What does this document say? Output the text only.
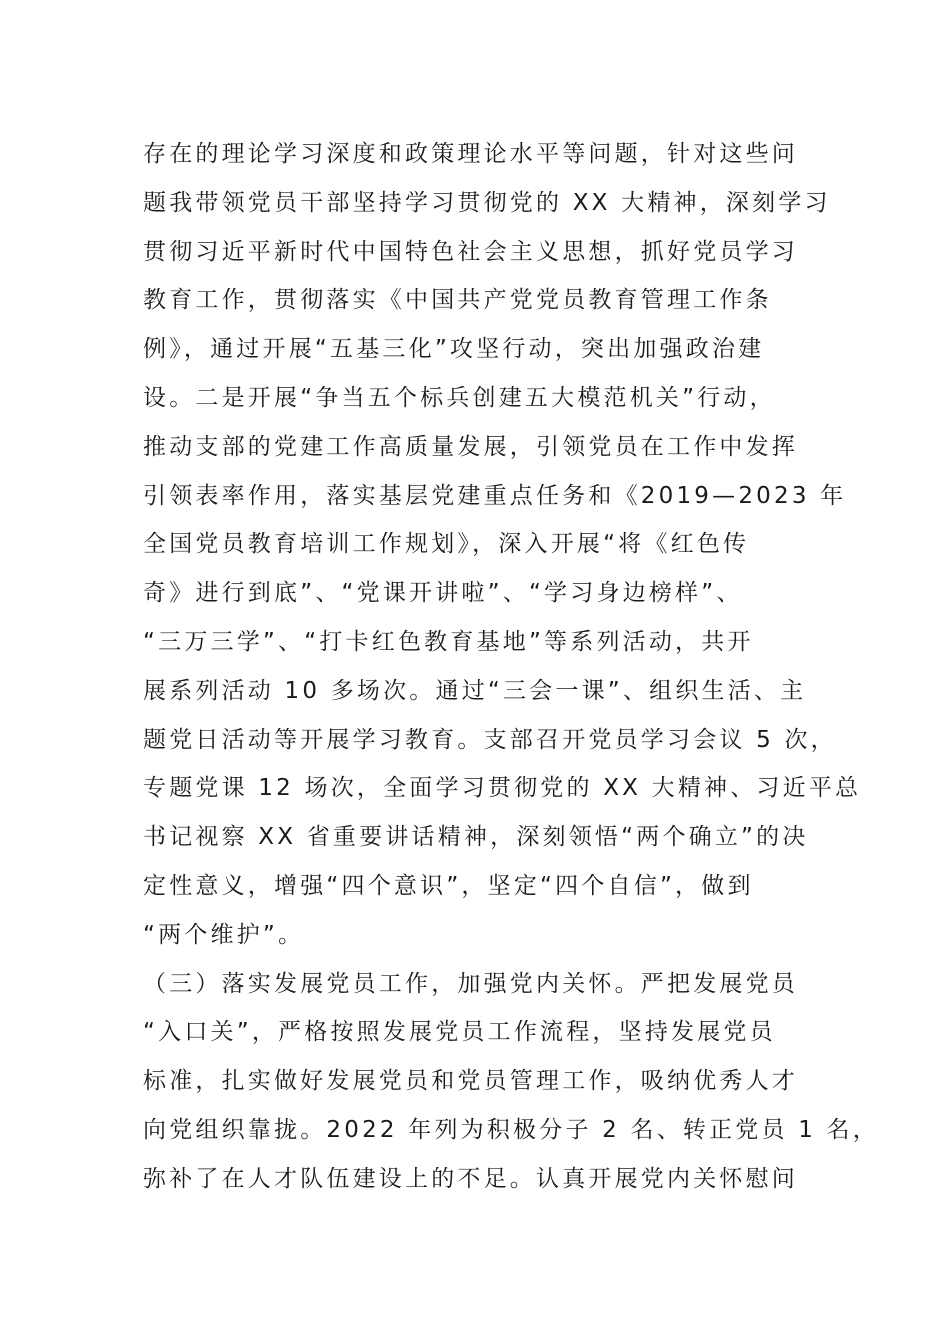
存在的理论学习深度和政策理论水平等问题，针对这些问
题我带领党员干部坚持学习贯彻党的 XX 大精神，深刻学习
贯彻习近平新时代中国特色社会主义思想，抓好党员学习
教育工作，贯彻落实《中国共产党党员教育管理工作条
例》，通过开展“五基三化”攻坚行动，突出加强政治建
设。二是开展“争当五个标兵创建五大模范机关”行动，
推动支部的党建工作高质量发展，引领党员在工作中发挥
引领表率作用，落实基层党建重点任务和《2019—2023 年
全国党员教育培训工作规划》，深入开展“将《红色传
奇》进行到底”、“党课开讲啦”、“学习身边榜样”、
“三万三学”、“打卡红色教育基地”等系列活动，共开
展系列活动 10 多场次。通过“三会一课”、组织生活、主
题党日活动等开展学习教育。支部召开党员学习会议 5 次，
专题党课 12 场次，全面学习贯彻党的 XX 大精神、习近平总
书记视察 XX 省重要讲话精神，深刻领悟“两个确立”的决
定性意义，增强“四个意识”，坚定“四个自信”，做到
“两个维护”。
（三）落实发展党员工作，加强党内关怀。严把发展党员
“入口关”，严格按照发展党员工作流程，坚持发展党员
标准，扎实做好发展党员和党员管理工作，吸纳优秀人才
向党组织靠拢。2022 年列为积极分子 2 名、转正党员 1 名，
弥补了在人才队伍建设上的不足。认真开展党内关怀慰问
